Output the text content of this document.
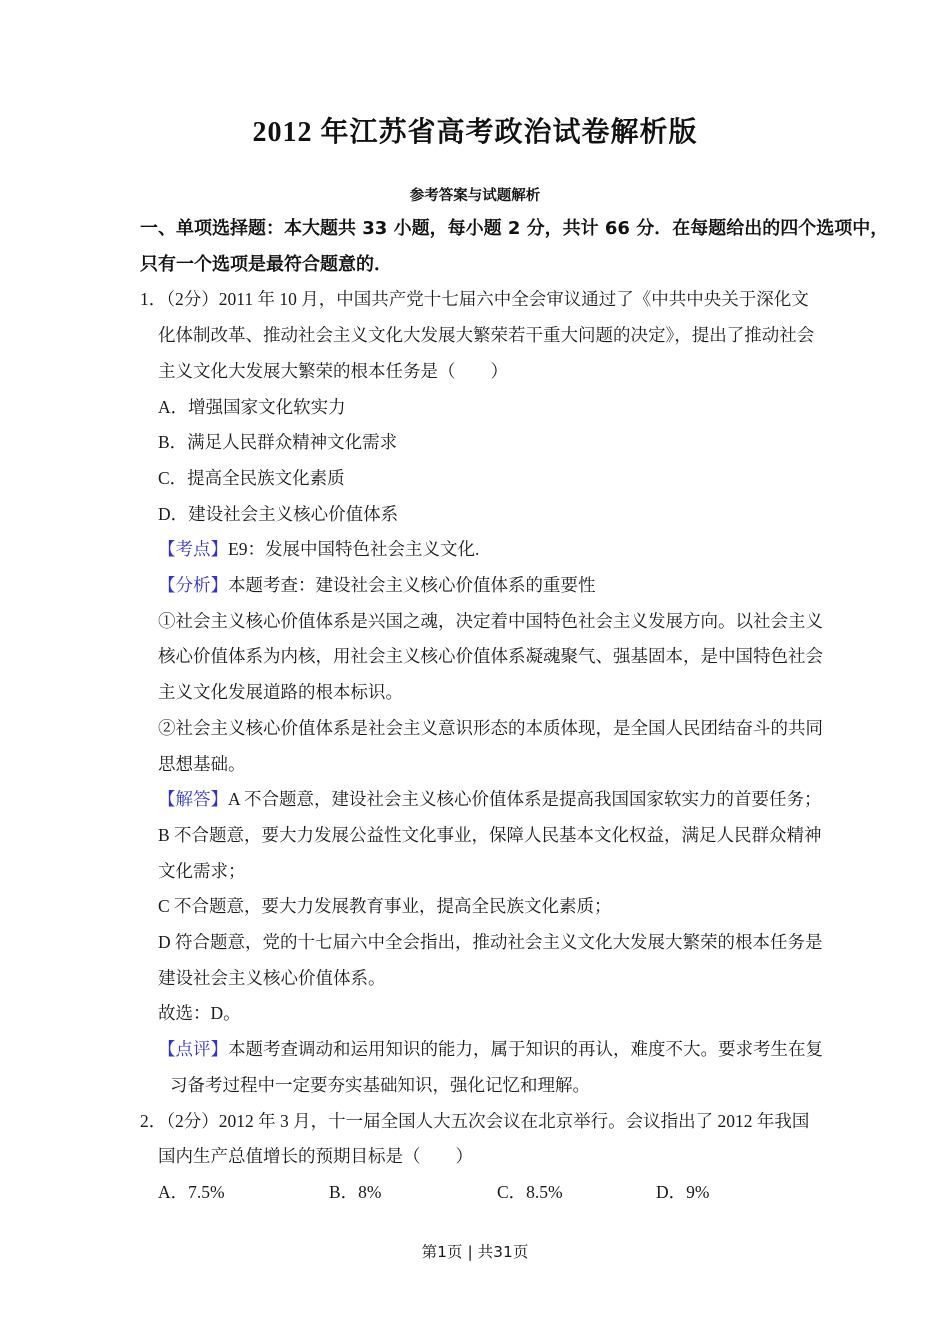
2012 年江苏省高考政治试卷解析版
参考答案与试题解析
一、单项选择题：本大题共 33 小题，每小题 2 分，共计 66 分．在每题给出的四个选项中，
只有一个选项是最符合题意的．
1．（2分）2011 年 10 月，中国共产党十七届六中全会审议通过了《中共中央关于深化文
化体制改革、推动社会主义文化大发展大繁荣若干重大问题的决定》，提出了推动社会
主义文化大发展大繁荣的根本任务是（　　）
A．增强国家文化软实力
B．满足人民群众精神文化需求
C．提高全民族文化素质
D．建设社会主义核心价值体系
【考点】E9：发展中国特色社会主义文化.
【分析】本题考查：建设社会主义核心价值体系的重要性
①社会主义核心价值体系是兴国之魂，决定着中国特色社会主义发展方向。以社会主义
核心价值体系为内核，用社会主义核心价值体系凝魂聚气、强基固本，是中国特色社会
主义文化发展道路的根本标识。
②社会主义核心价值体系是社会主义意识形态的本质体现，是全国人民团结奋斗的共同
思想基础。
【解答】A 不合题意，建设社会主义核心价值体系是提高我国国家软实力的首要任务；
B 不合题意，要大力发展公益性文化事业，保障人民基本文化权益，满足人民群众精神
文化需求；
C 不合题意，要大力发展教育事业，提高全民族文化素质；
D 符合题意，党的十七届六中全会指出，推动社会主义文化大发展大繁荣的根本任务是
建设社会主义核心价值体系。
故选：D。
【点评】本题考查调动和运用知识的能力，属于知识的再认，难度不大。要求考生在复
习备考过程中一定要夯实基础知识，强化记忆和理解。
2．（2分）2012 年 3 月，十一届全国人大五次会议在北京举行。会议指出了 2012 年我国
国内生产总值增长的预期目标是（　　）
A．7.5%	B．8%	C．8.5%	D．9%
第1页 | 共31页
